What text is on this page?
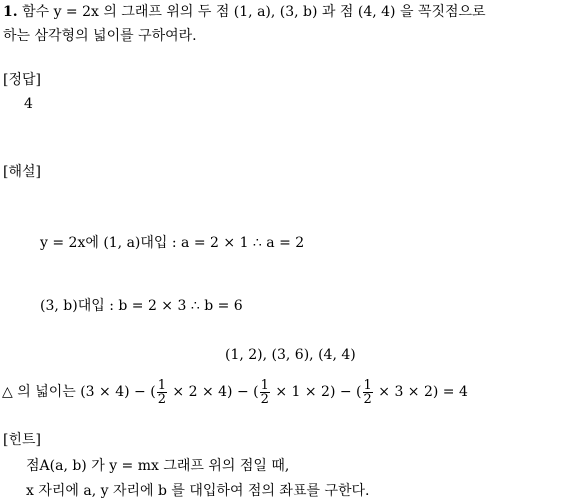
1. 함수 y = 2x 의 그래프 위의 두 점 (1, a), (3, b) 과 점 (4, 4) 을 꼭짓점으로
하는 삼각형의 넓이를 구하여라.
[정답]
4
[해설]
y = 2x에 (1, a)대입 : a = 2 × 1 ∴ a = 2
(3, b)대입 : b = 2 × 3 ∴ b = 6
(1, 2), (3, 6), (4, 4)
△ 의 넓이는 (3 × 4) − ( $\frac{1}{2} \times 2 \times 4$) − ( $\frac{1}{2} \times 1 \times 2$) − ( $\frac{1}{2} \times 3 \times 2) = 4$
[힌트]
점A(a, b) 가 y = mx 그래프 위의 점일 때,
x 자리에 a, y 자리에 b 를 대입하여 점의 좌표를 구한다.
